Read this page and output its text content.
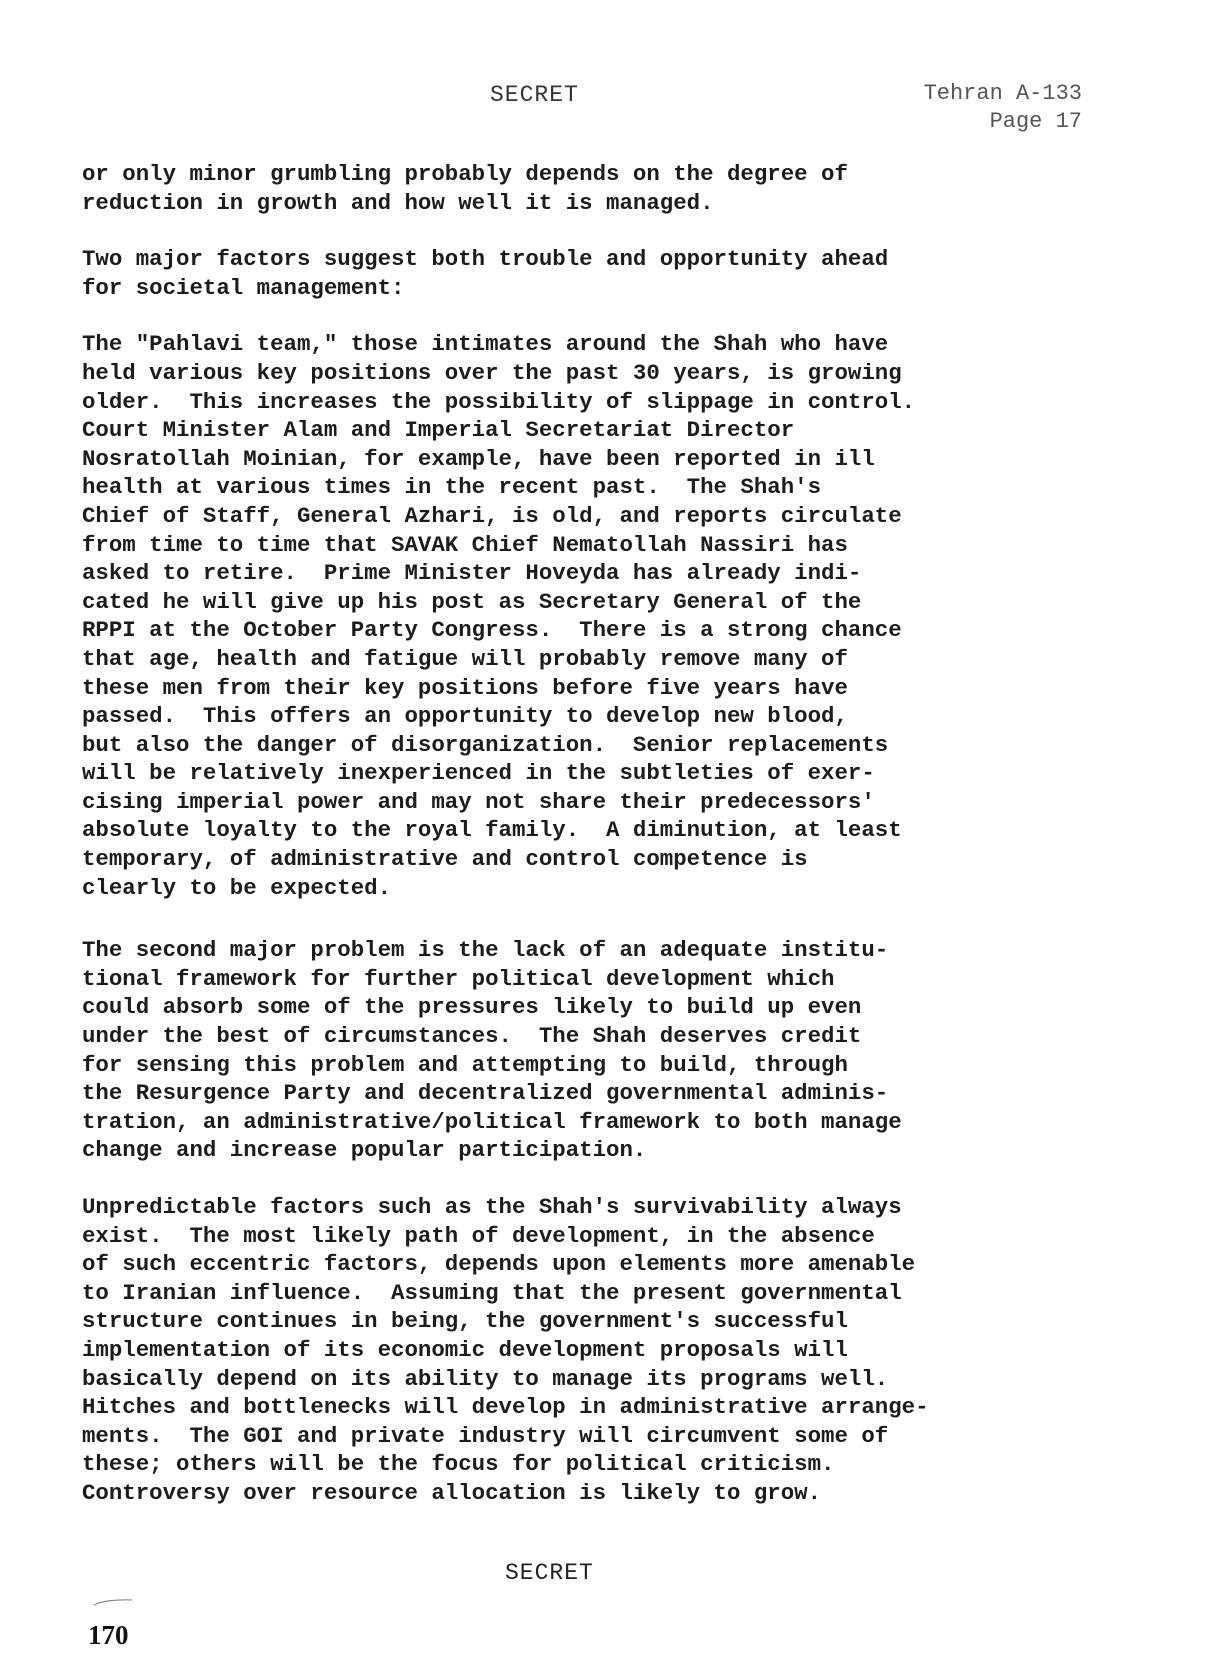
SECRET	Tehran A-133
Page 17

or only minor grumbling probably depends on the degree of
reduction in growth and how well it is managed.

Two major factors suggest both trouble and opportunity ahead
for societal management:

The "Pahlavi team," those intimates around the Shah who have
held various key positions over the past 30 years, is growing
older.  This increases the possibility of slippage in control.
Court Minister Alam and Imperial Secretariat Director
Nosratollah Moinian, for example, have been reported in ill
health at various times in the recent past.  The Shah's
Chief of Staff, General Azhari, is old, and reports circulate
from time to time that SAVAK Chief Nematollah Nassiri has
asked to retire.  Prime Minister Hoveyda has already indi-
cated he will give up his post as Secretary General of the
RPPI at the October Party Congress.  There is a strong chance
that age, health and fatigue will probably remove many of
these men from their key positions before five years have
passed.  This offers an opportunity to develop new blood,
but also the danger of disorganization.  Senior replacements
will be relatively inexperienced in the subtleties of exer-
cising imperial power and may not share their predecessors'
absolute loyalty to the royal family.  A diminution, at least
temporary, of administrative and control competence is
clearly to be expected.

The second major problem is the lack of an adequate institu-
tional framework for further political development which
could absorb some of the pressures likely to build up even
under the best of circumstances.  The Shah deserves credit
for sensing this problem and attempting to build, through
the Resurgence Party and decentralized governmental adminis-
tration, an administrative/political framework to both manage
change and increase popular participation.

Unpredictable factors such as the Shah's survivability always
exist.  The most likely path of development, in the absence
of such eccentric factors, depends upon elements more amenable
to Iranian influence.  Assuming that the present governmental
structure continues in being, the government's successful
implementation of its economic development proposals will
basically depend on its ability to manage its programs well.
Hitches and bottlenecks will develop in administrative arrange-
ments.  The GOI and private industry will circumvent some of
these; others will be the focus for political criticism.
Controversy over resource allocation is likely to grow.

SECRET
170
